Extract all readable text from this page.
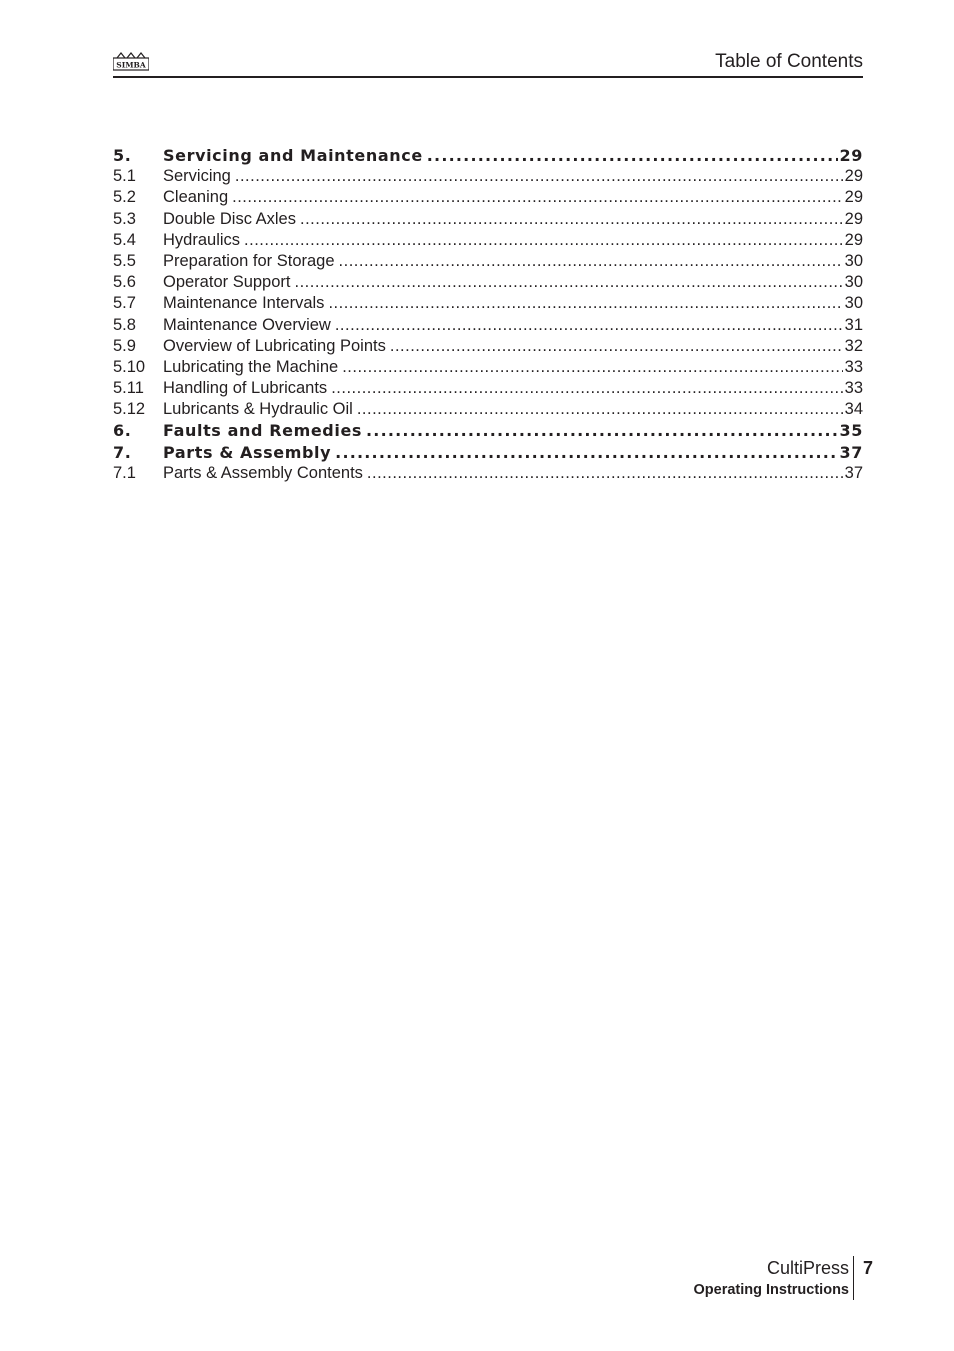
SIMBA	Table of Contents
5.	Servicing and Maintenance .....	29
5.1	Servicing .....	29
5.2	Cleaning .....	29
5.3	Double Disc Axles .....	29
5.4	Hydraulics .....	29
5.5	Preparation for Storage .....	30
5.6	Operator Support .....	30
5.7	Maintenance Intervals .....	30
5.8	Maintenance Overview .....	31
5.9	Overview of Lubricating Points .....	32
5.10	Lubricating the Machine .....	33
5.11	Handling of Lubricants .....	33
5.12	Lubricants & Hydraulic Oil .....	34
6.	Faults and Remedies .....	35
7.	Parts & Assembly .....	37
7.1	Parts & Assembly Contents .....	37
CultiPress
Operating Instructions
7
